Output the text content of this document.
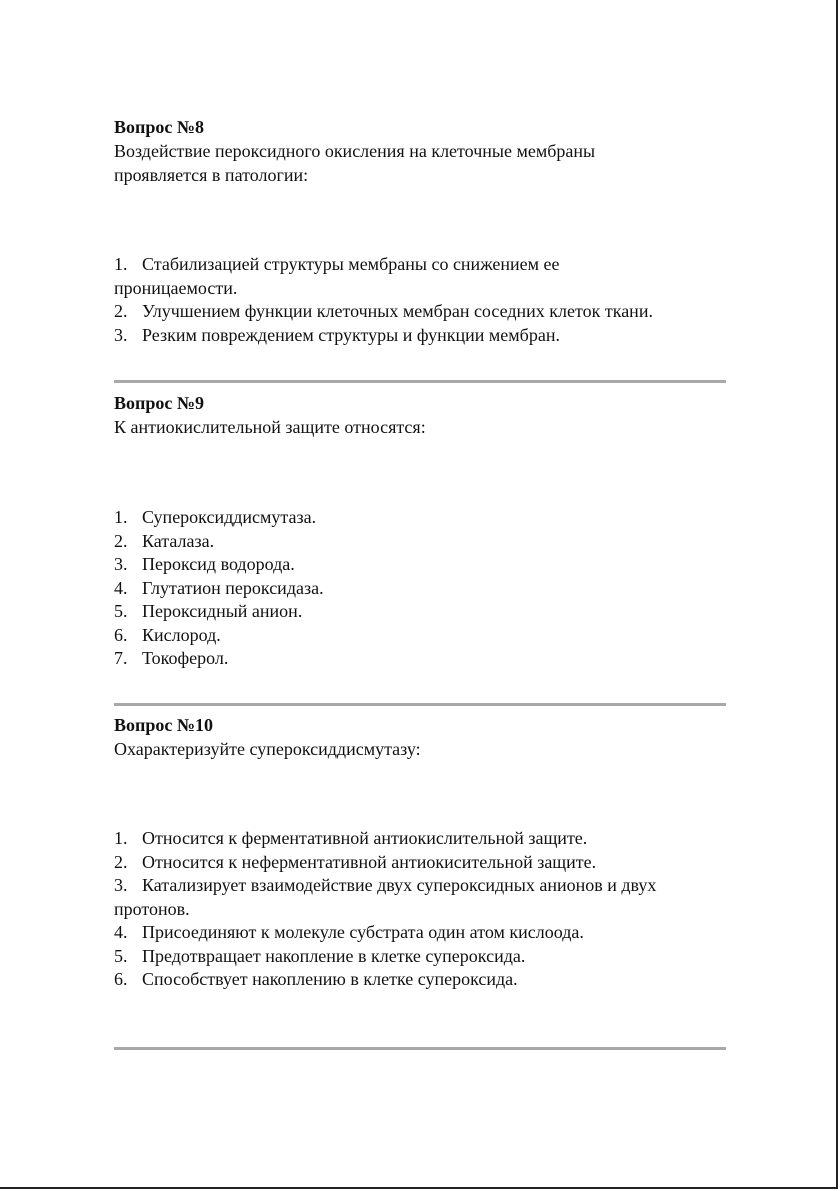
Вопрос №8

Воздействие пероксидного окисления на клеточные мембраны

проявляется в патологии:

1. Стабилизацией структуры мембраны со снижением ее
проницаемости.
2. Улучшением функции клеточных мембран соседних клеток ткани.
3. Резким повреждением структуры и функции мембран.

Вопрос №9

К антиокислительной защите относятся:

1. Супероксиддисмутаза.
2. Каталаза.
3. Пероксид водорода.
4. Глутатион пероксидаза.
5. Пероксидный анион.
6. Кислород.
7. Токоферол.

Вопрос №10

Охарактеризуйте супероксиддисмутазу:

1. Относится к ферментативной антиокислительной защите.
2. Относится к неферментативной антиокисительной защите.
3. Катализирует взаимодействие двух супероксидных анионов и двух
протонов.
4. Присоединяют к молекуле субстрата один атом кислоода.
5. Предотвращает накопление в клетке супероксида.
6. Способствует накоплению в клетке супероксида.
